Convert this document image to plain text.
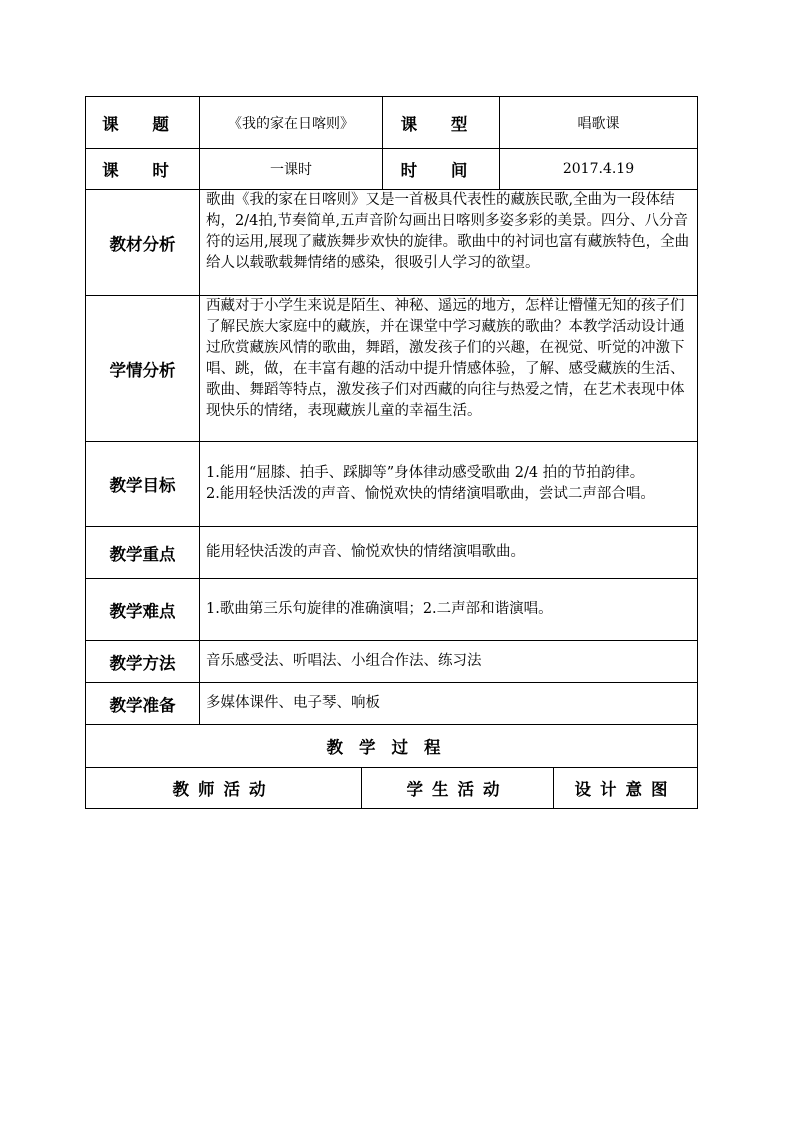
课 题	《我的家在日喀则》	课 型	唱歌课
课 时	一课时	时 间	2017.4.19
教材分析	歌曲《我的家在日喀则》又是一首极具代表性的藏族民歌,全曲为一段体结构，2/4拍,节奏简单,五声音阶勾画出日喀则多姿多彩的美景。四分、八分音符的运用,展现了藏族舞步欢快的旋律。歌曲中的衬词也富有藏族特色，全曲给人以载歌载舞情绪的感染，很吸引人学习的欲望。		
学情分析	西藏对于小学生来说是陌生、神秘、遥远的地方，怎样让懵懂无知的孩子们了解民族大家庭中的藏族，并在课堂中学习藏族的歌曲？本教学活动设计通过欣赏藏族风情的歌曲，舞蹈，激发孩子们的兴趣，在视觉、听觉的冲激下唱、跳，做，在丰富有趣的活动中提升情感体验，了解、感受藏族的生活、歌曲、舞蹈等特点，激发孩子们对西藏的向往与热爱之情，在艺术表现中体现快乐的情绪，表现藏族儿童的幸福生活。		
教学目标	1.能用“屈膝、拍手、踩脚等”身体律动感受歌曲 2/4 拍的节拍韵律。
2.能用轻快活泼的声音、愉悦欢快的情绪演唱歌曲，尝试二声部合唱。		

教学重点	能用轻快活泼的声音、愉悦欢快的情绪演唱歌曲。		
教学难点	1.歌曲第三乐句旋律的准确演唱；2.二声部和谐演唱。		
教学方法	音乐感受法、听唱法、小组合作法、练习法		
教学准备	多媒体课件、电子琴、响板		
教学过程
教师活动	学生活动	设计意图
